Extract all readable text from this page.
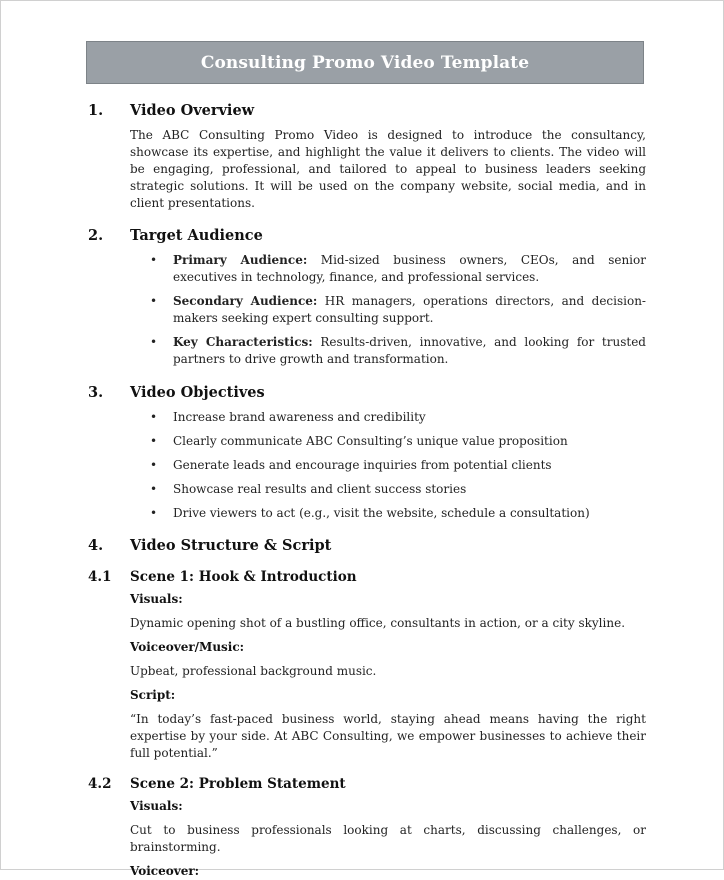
Consulting Promo Video Template
1.	Video Overview

The ABC Consulting Promo Video is designed to introduce the consultancy, showcase its expertise, and highlight the value it delivers to clients. The video will be engaging, professional, and tailored to appeal to business leaders seeking strategic solutions. It will be used on the company website, social media, and in client presentations.

2.	Target Audience
• Primary Audience: Mid-sized business owners, CEOs, and senior executives in technology, finance, and professional services.
• Secondary Audience: HR managers, operations directors, and decision-makers seeking expert consulting support.
• Key Characteristics: Results-driven, innovative, and looking for trusted partners to drive growth and transformation.
3.	Video Objectives
• Increase brand awareness and credibility
• Clearly communicate ABC Consulting’s unique value proposition
• Generate leads and encourage inquiries from potential clients
• Showcase real results and client success stories
• Drive viewers to act (e.g., visit the website, schedule a consultation)
4.	Video Structure & Script
4.1	Scene 1: Hook & Introduction
Visuals:
Dynamic opening shot of a bustling office, consultants in action, or a city skyline.
Voiceover/Music:
Upbeat, professional background music.
Script:
“In today’s fast-paced business world, staying ahead means having the right expertise by your side. At ABC Consulting, we empower businesses to achieve their full potential.”
4.2	Scene 2: Problem Statement
Visuals:
Cut to business professionals looking at charts, discussing challenges, or brainstorming.
Voiceover:
